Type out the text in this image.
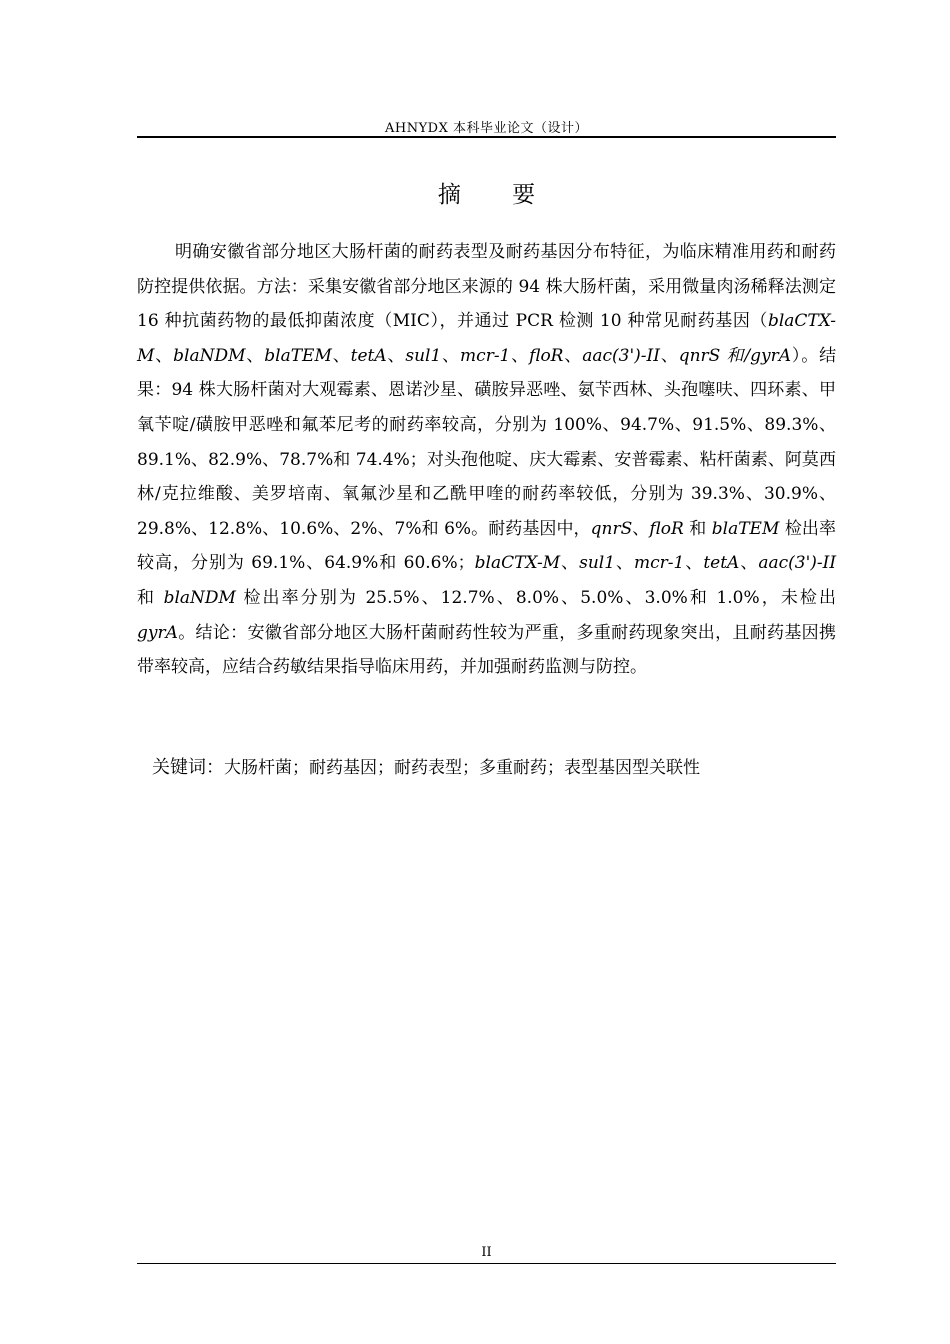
AHNYDX 本科毕业论文（设计）
摘 要

明确安徽省部分地区大肠杆菌的耐药表型及耐药基因分布特征，为临床精准用药和耐药防控提供依据。方法：采集安徽省部分地区来源的 94 株大肠杆菌，采用微量肉汤稀释法测定 16 种抗菌药物的最低抑菌浓度（MIC），并通过 PCR 检测 10 种常见耐药基因（blaCTX-M、blaNDM、blaTEM、tetA、sul1、mcr-1、floR、aac(3')-II、qnrS 和/gyrA）。结果：94 株大肠杆菌对大观霉素、恩诺沙星、磺胺异恶唑、氨苄西林、头孢噻呋、四环素、甲氧苄啶/磺胺甲恶唑和氟苯尼考的耐药率较高，分别为 100%、94.7%、91.5%、89.3%、89.1%、82.9%、78.7%和 74.4%；对头孢他啶、庆大霉素、安普霉素、粘杆菌素、阿莫西林/克拉维酸、美罗培南、氧氟沙星和乙酰甲喹的耐药率较低，分别为 39.3%、30.9%、29.8%、12.8%、10.6%、2%、7%和 6%。耐药基因中，qnrS、floR 和 blaTEM 检出率较高，分别为 69.1%、64.9%和 60.6%；blaCTX-M、sul1、mcr-1、tetA、aac(3')-II 和 blaNDM 检出率分别为 25.5%、12.7%、8.0%、5.0%、3.0%和 1.0%，未检出 gyrA。结论：安徽省部分地区大肠杆菌耐药性较为严重，多重耐药现象突出，且耐药基因携带率较高，应结合药敏结果指导临床用药，并加强耐药监测与防控。

关键词：大肠杆菌；耐药基因；耐药表型；多重耐药；表型基因型关联性
II
